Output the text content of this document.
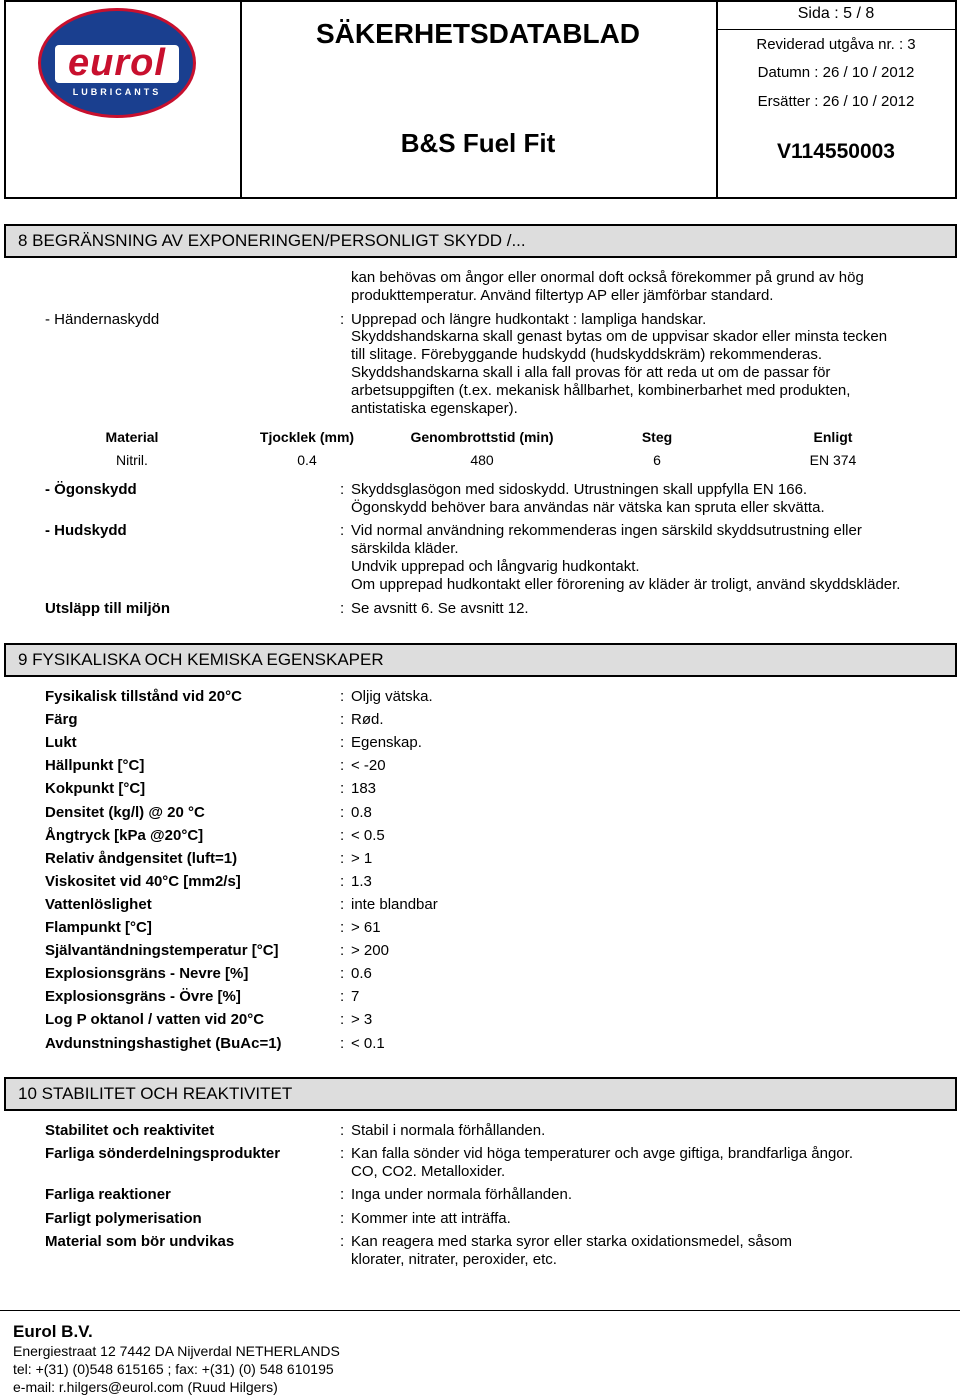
eurol
LUBRICANTS
SÄKERHETSDATABLAD
B&S Fuel Fit
Sida : 5 / 8
Reviderad utgåva nr. : 3
Datumn : 26 / 10 / 2012
Ersätter : 26 / 10 / 2012
V114550003
8 BEGRÄNSNING AV EXPONERINGEN/PERSONLIGT SKYDD /...
kan behövas om ångor eller onormal doft också förekommer på grund av hög
produkttemperatur. Använd filtertyp AP eller jämförbar standard.
- Händernaskydd	: Upprepad och längre hudkontakt : lampliga handskar.
Skyddshandskarna skall genast bytas om de uppvisar skador eller minsta tecken
till slitage. Förebyggande hudskydd (hudskyddskräm) rekommenderas.
Skyddshandskarna skall i alla fall provas för att reda ut om de passar för
arbetsuppgiften (t.ex. mekanisk hållbarhet, kombinerbarhet med produkten,
antistatiska egenskaper).
Material	Tjocklek (mm)	Genombrottstid (min)	Steg	Enligt
Nitril.	0.4	480	6	EN 374
- Ögonskydd	: Skyddsglasögon med sidoskydd. Utrustningen skall uppfylla EN 166.
Ögonskydd behöver bara användas när vätska kan spruta eller skvätta.
- Hudskydd	: Vid normal användning rekommenderas ingen särskild skyddsutrustning eller
särskilda kläder.
Undvik upprepad och långvarig hudkontakt.
Om upprepad hudkontakt eller förorening av kläder är troligt, använd skyddskläder.
Utsläpp till miljön	: Se avsnitt 6. Se avsnitt 12.
9 FYSIKALISKA OCH KEMISKA EGENSKAPER
Fysikalisk tillstånd vid 20°C	: Oljig vätska.
Färg	: Rød.
Lukt	: Egenskap.
Hällpunkt [°C]	: < -20
Kokpunkt [°C]	: 183
Densitet (kg/l) @ 20 °C	: 0.8
Ångtryck [kPa @20°C]	: < 0.5
Relativ åndgensitet (luft=1)	: > 1
Viskositet vid 40°C [mm2/s]	: 1.3
Vattenlöslighet	: inte blandbar
Flampunkt [°C]	: > 61
Självantändningstemperatur [°C]	: > 200
Explosionsgräns - Nevre [%]	: 0.6
Explosionsgräns - Övre [%]	: 7
Log P oktanol / vatten vid 20°C	: > 3
Avdunstningshastighet (BuAc=1)	: < 0.1
10 STABILITET OCH REAKTIVITET
Stabilitet och reaktivitet	: Stabil i normala förhållanden.
Farliga sönderdelningsprodukter	: Kan falla sönder vid höga temperaturer och avge giftiga, brandfarliga ångor.
CO, CO2. Metalloxider.
Farliga reaktioner	: Inga under normala förhållanden.
Farligt polymerisation	: Kommer inte att inträffa.
Material som bör undvikas	: Kan reagera med starka syror eller starka oxidationsmedel, såsom
klorater, nitrater, peroxider, etc.
Eurol B.V.
Energiestraat 12 7442 DA Nijverdal NETHERLANDS
tel: +(31) (0)548 615165 ; fax: +(31) (0) 548 610195
e-mail: r.hilgers@eurol.com (Ruud Hilgers)
